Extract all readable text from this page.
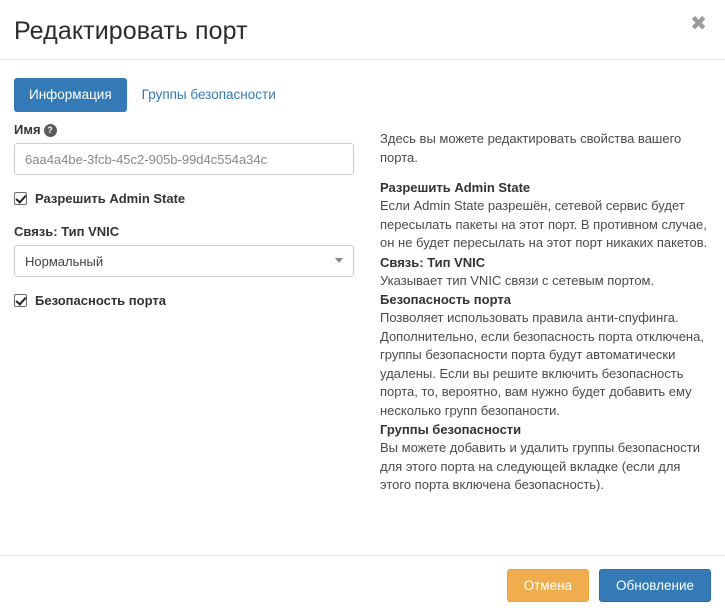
Редактировать порт	✖
Информация	Группы безопасности
Имя ?
6aa4a4be-3fcb-45c2-905b-99d4c554a34c
Разрешить Admin State
Связь: Тип VNIC
Нормальный
Безопасность порта

Здесь вы можете редактировать свойства вашего порта.

Разрешить Admin State

Если Admin State разрешён, сетевой сервис будет пересылать пакеты на этот порт. В противном случае, он не будет пересылать на этот порт никаких пакетов.

Связь: Тип VNIC

Указывает тип VNIC связи с сетевым портом.

Безопасность порта

Позволяет использовать правила анти-спуфинга. Дополнительно, если безопасность порта отключена, группы безопасности порта будут автоматически удалены. Если вы решите включить безопасность порта, то, вероятно, вам нужно будет добавить ему несколько групп безопаности.

Группы безопасности

Вы можете добавить и удалить группы безопасности для этого порта на следующей вкладке (если для этого порта включена безопасность).

Отмена	Обновление
